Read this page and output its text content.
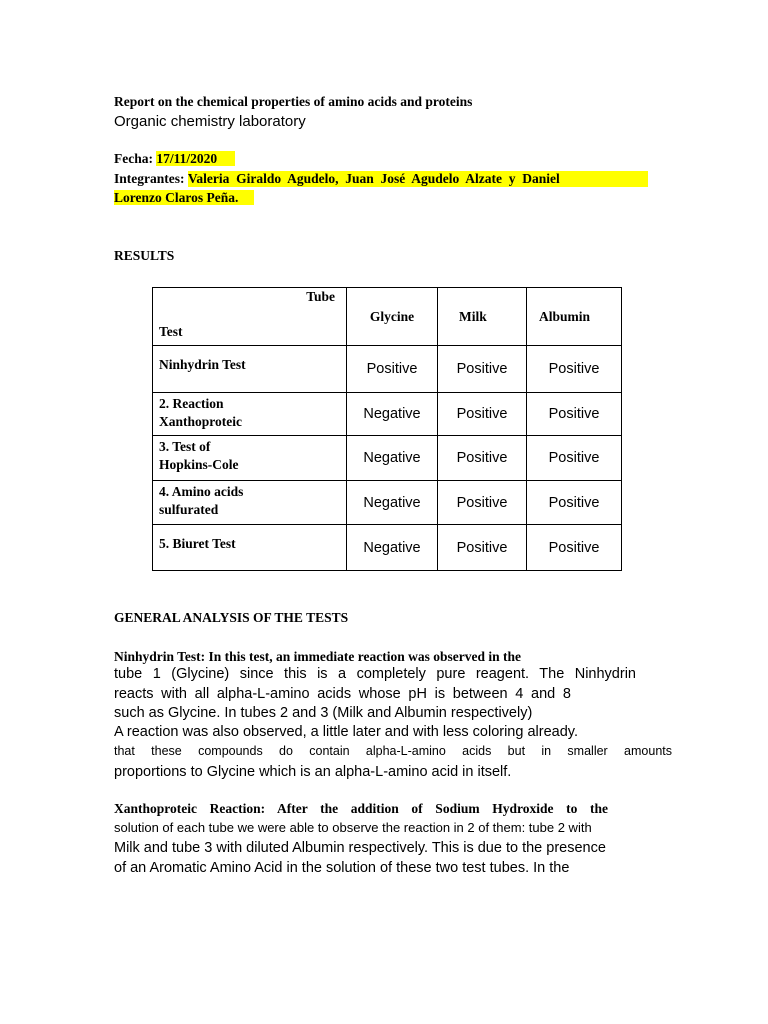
Report on the chemical properties of amino acids and proteins
Organic chemistry laboratory
Fecha: 17/11/2020
Integrantes: Valeria  Giraldo  Agudelo,  Juan  José  Agudelo  Alzate  y  Daniel
Lorenzo Claros Peña.
RESULTS
Tube
Test	Glycine	Milk	Albumin
Ninhydrin Test	Positive	Positive	Positive
2. Reaction
Xanthoproteic	Negative	Positive	Positive
3. Test of
Hopkins-Cole	Negative	Positive	Positive
4. Amino acids
sulfurated	Negative	Positive	Positive
5. Biuret Test	Negative	Positive	Positive
GENERAL ANALYSIS OF THE TESTS
Ninhydrin Test: In this test, an immediate reaction was observed in the
tube 1 (Glycine) since this is a completely pure reagent. The Ninhydrin
reacts with all alpha-L-amino acids whose pH is between 4 and 8
such as Glycine. In tubes 2 and 3 (Milk and Albumin respectively)
A reaction was also observed, a little later and with less coloring already.
that these compounds do contain alpha-L-amino acids but in smaller amounts
proportions to Glycine which is an alpha-L-amino acid in itself.
Xanthoproteic Reaction: After the addition of Sodium Hydroxide to the
solution of each tube we were able to observe the reaction in 2 of them: tube 2 with
Milk and tube 3 with diluted Albumin respectively. This is due to the presence
of an Aromatic Amino Acid in the solution of these two test tubes. In the
